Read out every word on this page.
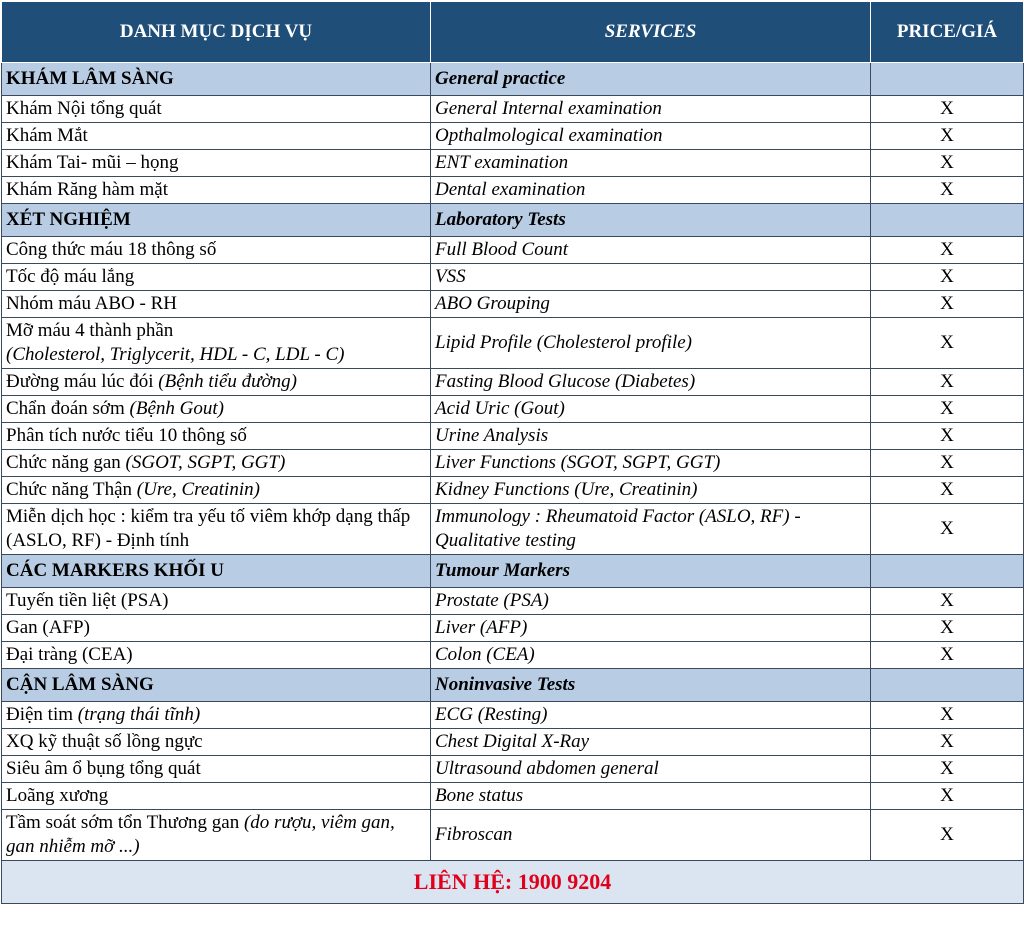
DANH MỤC DỊCH VỤ	SERVICES	PRICE/GIÁ
KHÁM LÂM SÀNG	General practice	
Khám Nội tổng quát	General Internal examination	X
Khám Mắt	Opthalmological examination	X
Khám Tai- mũi – họng	ENT examination	X
Khám Răng hàm mặt	Dental examination	X
XÉT NGHIỆM	Laboratory Tests	
Công thức máu 18 thông số	Full Blood Count	X
Tốc độ máu lắng	VSS	X
Nhóm máu ABO - RH	ABO Grouping	X
Mỡ máu 4 thành phần
(Cholesterol, Triglycerit, HDL - C, LDL - C)	Lipid Profile (Cholesterol profile)	X
Đường máu lúc đói (Bệnh tiểu đường)	Fasting Blood Glucose (Diabetes)	X
Chẩn đoán sớm (Bệnh Gout)	Acid Uric (Gout)	X
Phân tích nước tiểu 10 thông số	Urine Analysis	X
Chức năng gan (SGOT, SGPT, GGT)	Liver Functions (SGOT, SGPT, GGT)	X
Chức năng Thận (Ure, Creatinin)	Kidney Functions (Ure, Creatinin)	X
Miễn dịch học : kiểm tra yếu tố viêm khớp dạng thấp (ASLO, RF) - Định tính	Immunology : Rheumatoid Factor (ASLO, RF) - Qualitative testing	X
CÁC MARKERS KHỐI U	Tumour Markers	
Tuyến tiền liệt (PSA)	Prostate (PSA)	X
Gan (AFP)	Liver (AFP)	X
Đại tràng (CEA)	Colon (CEA)	X
CẬN LÂM SÀNG	Noninvasive Tests	
Điện tim (trạng thái tĩnh)	ECG (Resting)	X
XQ kỹ thuật số lồng ngực	Chest Digital X-Ray	X
Siêu âm ổ bụng tổng quát	Ultrasound abdomen general	X
Loãng xương	Bone status	X
Tầm soát sớm tổn Thương gan (do rượu, viêm gan, gan nhiễm mỡ ...)	Fibroscan	X
LIÊN HỆ: 1900 9204		
